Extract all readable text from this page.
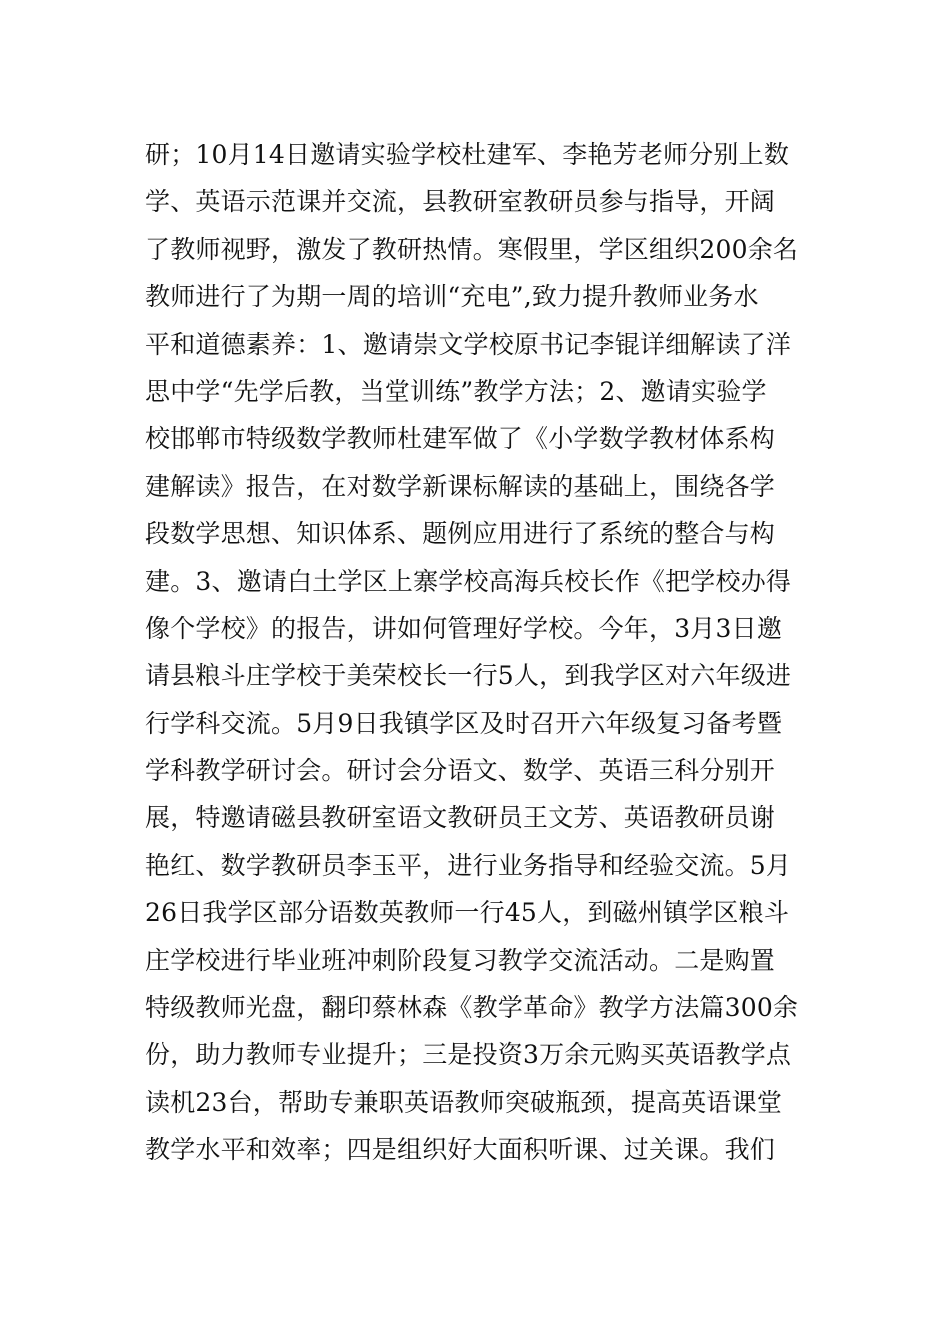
研；10月14日邀请实验学校杜建军、李艳芳老师分别上数
学、英语示范课并交流，县教研室教研员参与指导，开阔
了教师视野，激发了教研热情。寒假里，学区组织200余名
教师进行了为期一周的培训“充电”,致力提升教师业务水
平和道德素养：1、邀请崇文学校原书记李锟详细解读了洋
思中学“先学后教，当堂训练”教学方法；2、邀请实验学
校邯郸市特级数学教师杜建军做了《小学数学教材体系构
建解读》报告，在对数学新课标解读的基础上，围绕各学
段数学思想、知识体系、题例应用进行了系统的整合与构
建。3、邀请白土学区上寨学校高海兵校长作《把学校办得
像个学校》的报告，讲如何管理好学校。今年，3月3日邀
请县粮斗庄学校于美荣校长一行5人，到我学区对六年级进
行学科交流。5月9日我镇学区及时召开六年级复习备考暨
学科教学研讨会。研讨会分语文、数学、英语三科分别开
展，特邀请磁县教研室语文教研员王文芳、英语教研员谢
艳红、数学教研员李玉平，进行业务指导和经验交流。5月
26日我学区部分语数英教师一行45人，到磁州镇学区粮斗
庄学校进行毕业班冲刺阶段复习教学交流活动。二是购置
特级教师光盘，翻印蔡林森《教学革命》教学方法篇300余
份，助力教师专业提升；三是投资3万余元购买英语教学点
读机23台，帮助专兼职英语教师突破瓶颈，提高英语课堂
教学水平和效率；四是组织好大面积听课、过关课。我们
